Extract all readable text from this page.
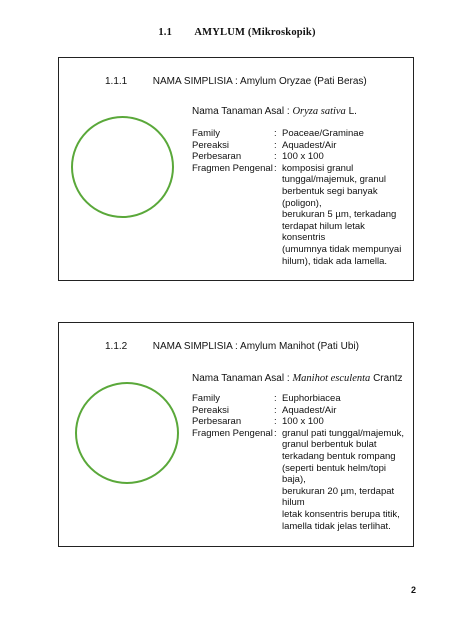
1.1 AMYLUM (Mikroskopik)
1.1.1	NAMA SIMPLISIA : Amylum Oryzae (Pati Beras)
Nama Tanaman Asal : Oryza sativa L.
Family	: Poaceae/Graminae
Pereaksi	: Aquadest/Air
Perbesaran	: 100 x 100
Fragmen Pengenal : komposisi granul
tunggal/majemuk, granul
berbentuk segi banyak (poligon),
berukuran 5 µm, terkadang
terdapat hilum letak konsentris
(umumnya tidak mempunyai
hilum), tidak ada lamella.
1.1.2	NAMA SIMPLISIA : Amylum Manihot (Pati Ubi)
Nama Tanaman Asal : Manihot esculenta Crantz
Family	: Euphorbiacea
Pereaksi	: Aquadest/Air
Perbesaran	: 100 x 100
Fragmen Pengenal : granul pati tunggal/majemuk,
granul berbentuk bulat
terkadang bentuk rompang
(seperti bentuk helm/topi baja),
berukuran 20 µm, terdapat hilum
letak konsentris berupa titik,
lamella tidak jelas terlihat.
2
